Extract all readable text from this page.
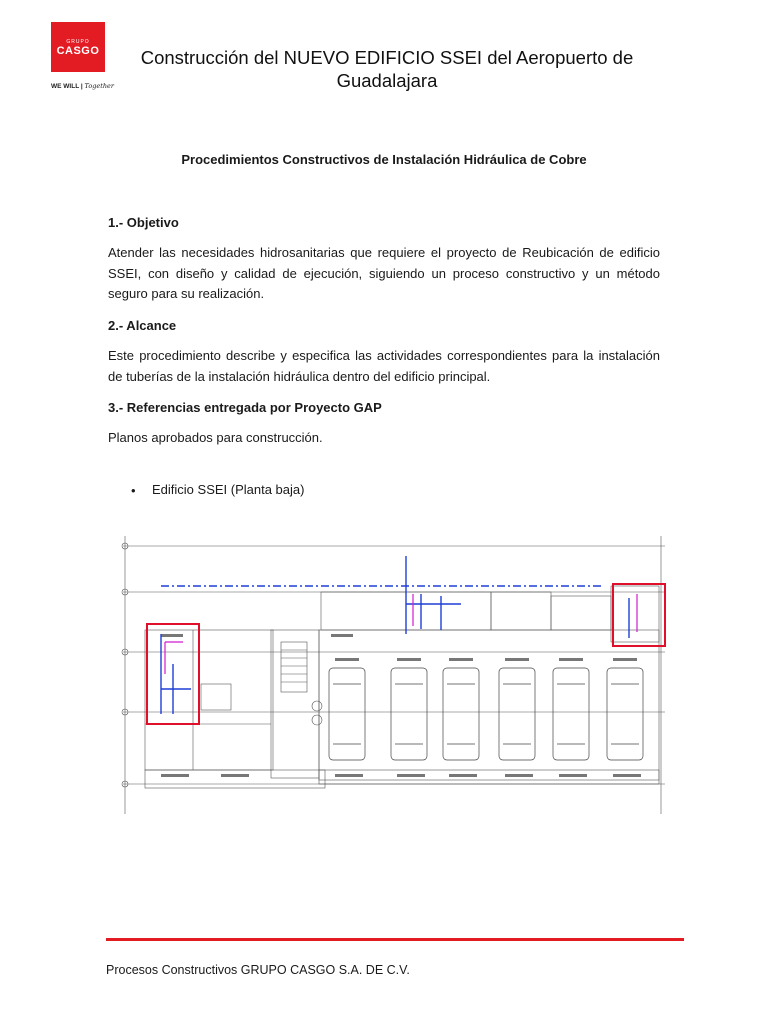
GRUPO
CASGO
WE WILL | Together
Construcción del NUEVO EDIFICIO SSEI del Aeropuerto de Guadalajara
Procedimientos Constructivos de Instalación Hidráulica de Cobre
1.- Objetivo
Atender las necesidades hidrosanitarias que requiere el proyecto de Reubicación de edificio SSEI, con diseño y calidad de ejecución, siguiendo un proceso constructivo y un método seguro para su realización.
2.- Alcance
Este procedimiento describe y especifica las actividades correspondientes para la instalación de tuberías de la instalación hidráulica dentro del edificio principal.
3.- Referencias entregada por Proyecto GAP
Planos aprobados para construcción.
• Edificio SSEI (Planta baja)
Procesos Constructivos GRUPO CASGO S.A. DE C.V.
